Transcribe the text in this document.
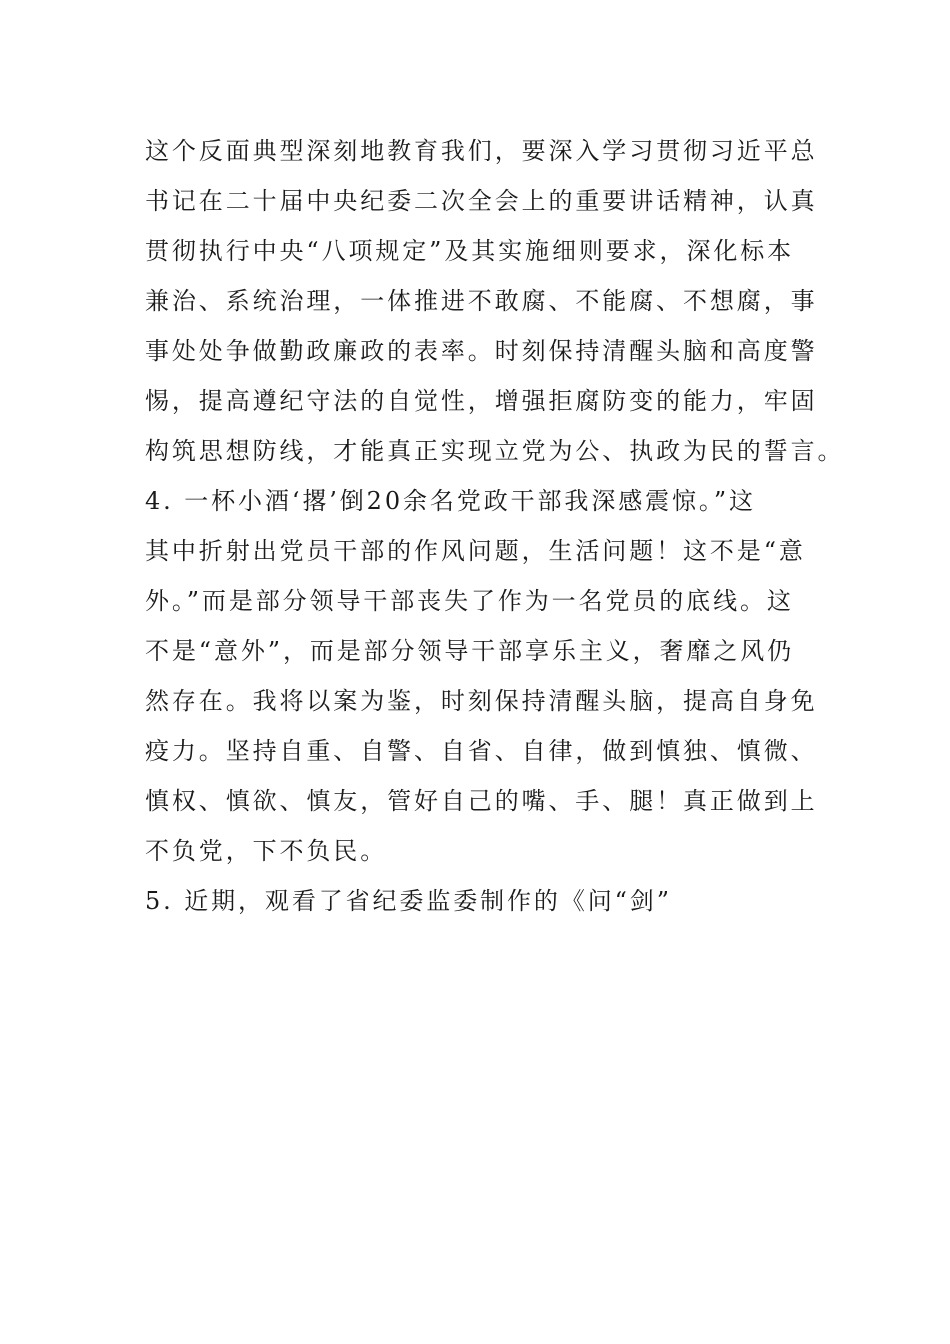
这个反面典型深刻地教育我们，要深入学习贯彻习近平总
书记在二十届中央纪委二次全会上的重要讲话精神，认真
贯彻执行中央“八项规定”及其实施细则要求，深化标本
兼治、系统治理，一体推进不敢腐、不能腐、不想腐，事
事处处争做勤政廉政的表率。时刻保持清醒头脑和高度警
惕，提高遵纪守法的自觉性，增强拒腐防变的能力，牢固
构筑思想防线，才能真正实现立党为公、执政为民的誓言。
4. 一杯小酒‘撂’倒20余名党政干部我深感震惊。”这
其中折射出党员干部的作风问题，生活问题！这不是“意
外。”而是部分领导干部丧失了作为一名党员的底线。这
不是“意外”，而是部分领导干部享乐主义，奢靡之风仍
然存在。我将以案为鉴，时刻保持清醒头脑，提高自身免
疫力。坚持自重、自警、自省、自律，做到慎独、慎微、
慎权、慎欲、慎友，管好自己的嘴、手、腿！真正做到上
不负党，下不负民。
5. 近期，观看了省纪委监委制作的《问“剑”
